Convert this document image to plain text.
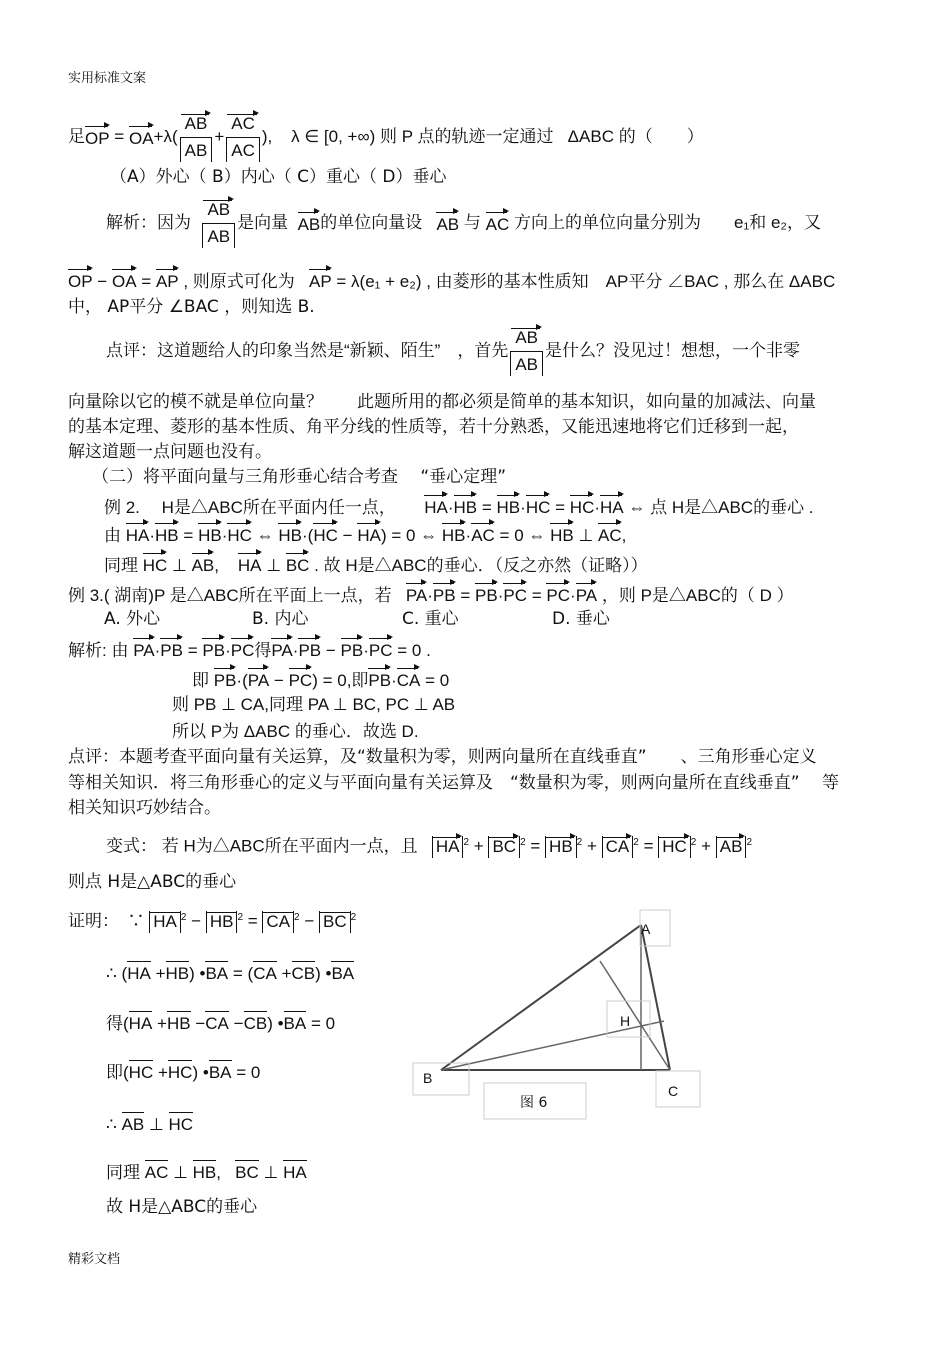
实用标准文案
足 OP
=
OA $+\lambda( \frac{AB}{AB} + \frac{AC}{AC}$ ),
λ ∈ [0, +∞)
则 P 点的轨迹一定通过
ΔABC 的（　　）
（A）外心（ B）内心（ C）重心（ D）垂心
解析：因为
$\frac{AB}{AB}$ 是向量
AB 的单位向量设
AB
与
AC
方向上的单位向量分别为
e₁和 e₂，又
OP − OA = AP , 则原式可化为 AP = λ(e₁ + e₂) , 由菱形的基本性质知　AP平分 ∠BAC , 那么在 ΔABC
中， AP平分 ∠BAC ，则知选 B.
点评：这道题给人的印象当然是“新颖、陌生”　，首先 $\frac{AB}{AB}$ 是什么？没见过！想想，一个非零
向量除以它的模不就是单位向量？　　此题所用的都必须是简单的基本知识，如向量的加减法、向量
的基本定理、菱形的基本性质、角平分线的性质等，若十分熟悉，又能迅速地将它们迁移到一起，
解这道题一点问题也没有。
（二）将平面向量与三角形垂心结合考查　 “垂心定理”
例 2.　 H是△ABC所在平面内任一点， HA·HB = HB·HC = HC·HA ⇔ 点 H是△ABC的垂心 .
由 HA·HB = HB·HC ⇔ HB·(HC − HA) = 0 ⇔ HB·AC = 0 ⇔ HB ⊥ AC,
同理 HC ⊥ AB, HA ⊥ BC . 故 H是△ABC的垂心．（反之亦然（证略））
例 3.( 湖南)P 是△ABC所在平面上一点，若 PA·PB = PB·PC = PC·PA ，则 P是△ABC的（ D ）
A. 外心	B. 内心	C. 重心	D. 垂心
解析: 由 PA·PB = PB·PC得PA·PB − PB·PC = 0 .
即 PB·(PA − PC) = 0,即PB·CA = 0
则 PB ⊥ CA,同理 PA ⊥ BC, PC ⊥ AB
所以 P为 ΔABC 的垂心．故选 D.
点评：本题考查平面向量有关运算，及“数量积为零，则两向量所在直线垂直”　　、三角形垂心定义
等相关知识．将三角形垂心的定义与平面向量有关运算及　“数量积为零，则两向量所在直线垂直”　 等
相关知识巧妙结合。
变式： 若 H为△ABC所在平面内一点，且 HA $^2$ + BC $^2$ = HB $^2$ + CA $^2$ = HC $^2$ + AB $^2$
则点 H是△ABC的垂心
证明：　∵ HA $^2$ − HB $^2$ = CA $^2$ − BC $^2$
∴ (HA +HB) •BA = (CA +CB) •BA
得(HA +HB −CA −CB) •BA = 0
即(HC +HC) •BA = 0
∴ AB ⊥ HC
同理 AC ⊥ HB, BC ⊥ HA
故 H是△ABC的垂心
A
H
B
C
图 6
精彩文档
